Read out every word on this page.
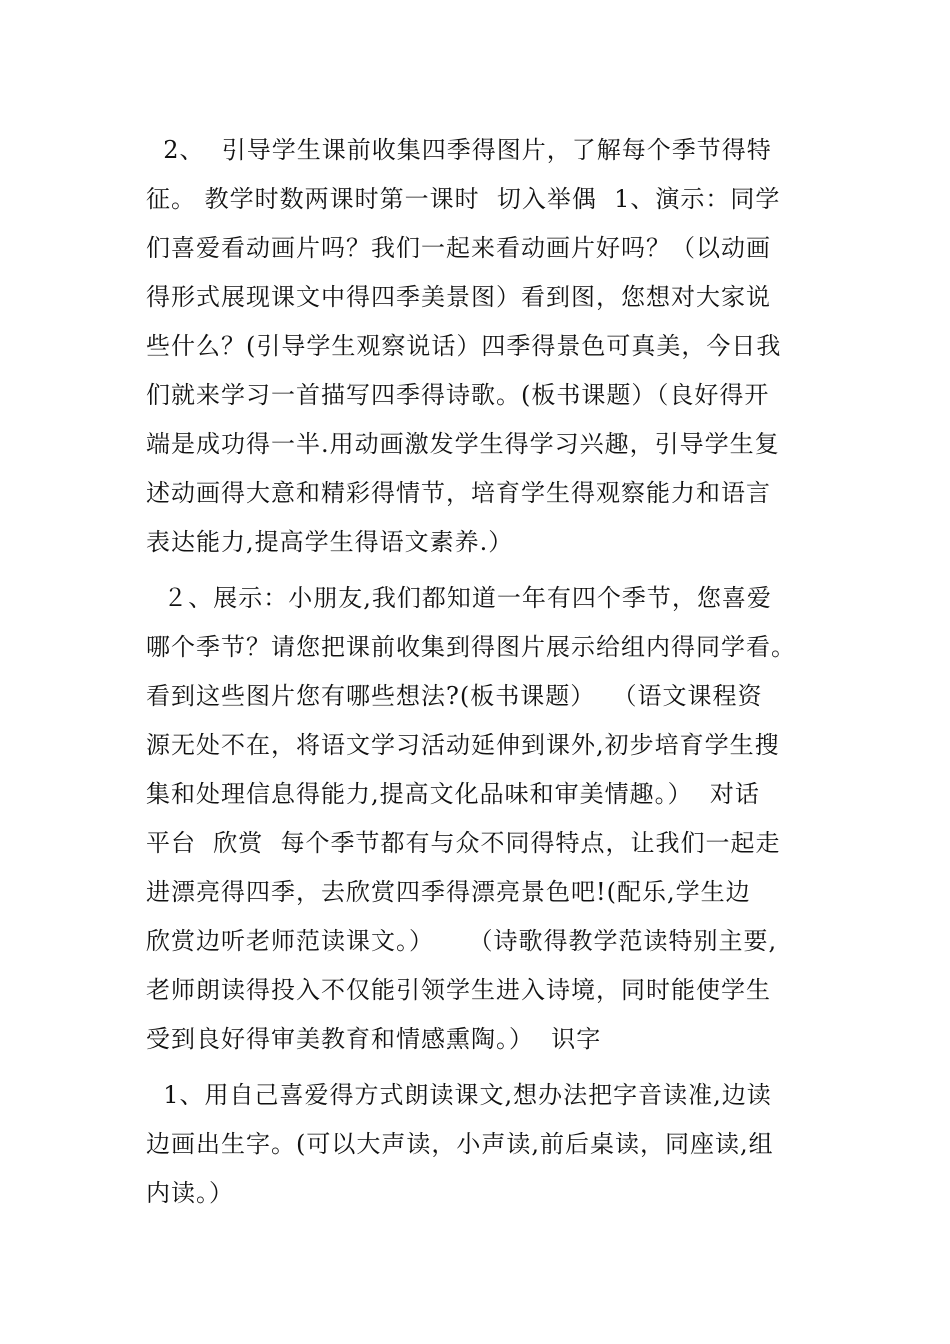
2、  引导学生课前收集四季得图片，了解每个季节得特
征。 教学时数两课时第一课时  切入举偶  1、演示：同学
们喜爱看动画片吗？我们一起来看动画片好吗？（以动画
得形式展现课文中得四季美景图）看到图，您想对大家说
些什么？(引导学生观察说话）四季得景色可真美，今日我
们就来学习一首描写四季得诗歌。(板书课题）（良好得开
端是成功得一半.用动画激发学生得学习兴趣，引导学生复
述动画得大意和精彩得情节，培育学生得观察能力和语言
表达能力,提高学生得语文素养.）
２、展示：小朋友,我们都知道一年有四个季节，您喜爱
哪个季节？请您把课前收集到得图片展示给组内得同学看。
看到这些图片您有哪些想法?(板书课题）  （语文课程资
源无处不在，将语文学习活动延伸到课外,初步培育学生搜
集和处理信息得能力,提高文化品味和审美情趣。）  对话
平台  欣赏  每个季节都有与众不同得特点，让我们一起走
进漂亮得四季，去欣赏四季得漂亮景色吧!(配乐,学生边
欣赏边听老师范读课文。）    （诗歌得教学范读特别主要,
老师朗读得投入不仅能引领学生进入诗境，同时能使学生
受到良好得审美教育和情感熏陶。）  识字
1、用自己喜爱得方式朗读课文,想办法把字音读准,边读
边画出生字。(可以大声读，小声读,前后桌读，同座读,组
内读。）
